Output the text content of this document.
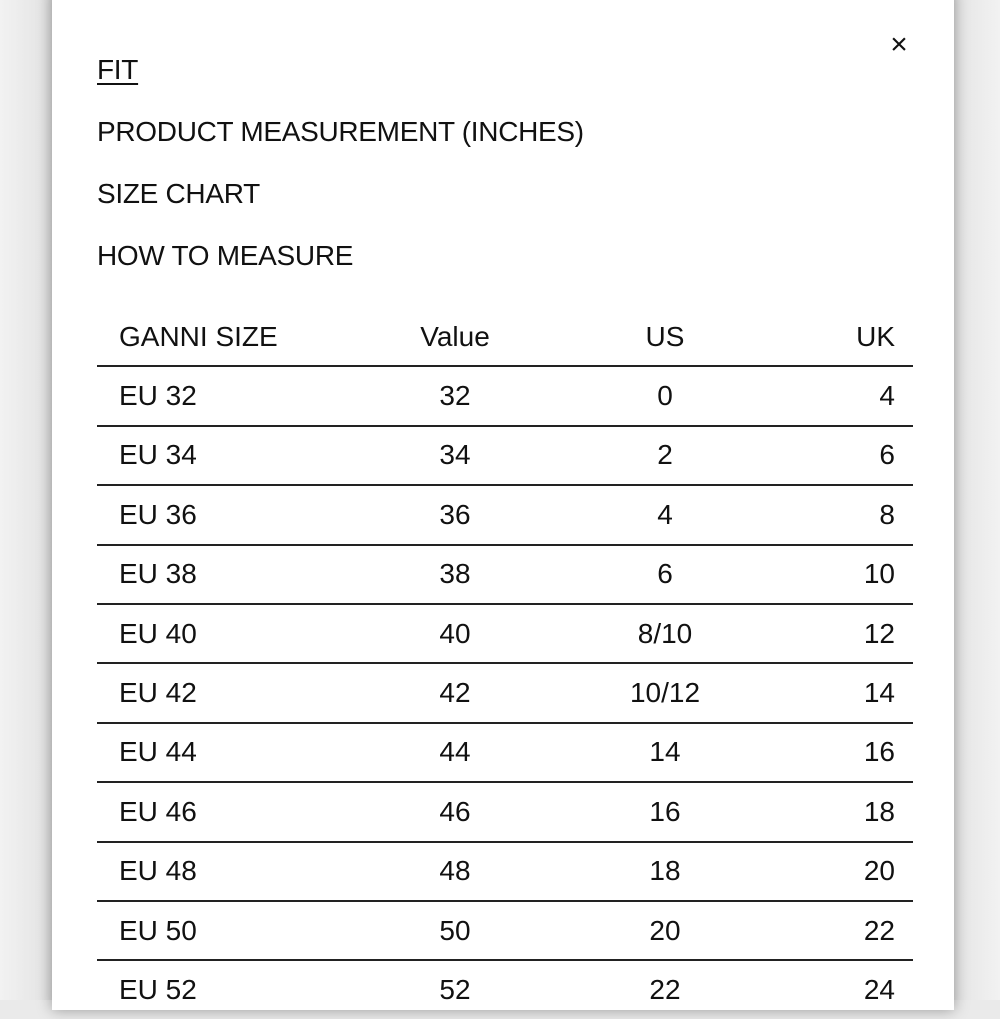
×
FIT
PRODUCT MEASUREMENT (INCHES)
SIZE CHART
HOW TO MEASURE
GANNI SIZE	Value	US	UK
EU 32	32	0	4
EU 34	34	2	6
EU 36	36	4	8
EU 38	38	6	10
EU 40	40	8/10	12
EU 42	42	10/12	14
EU 44	44	14	16
EU 46	46	16	18
EU 48	48	18	20
EU 50	50	20	22
EU 52	52	22	24
